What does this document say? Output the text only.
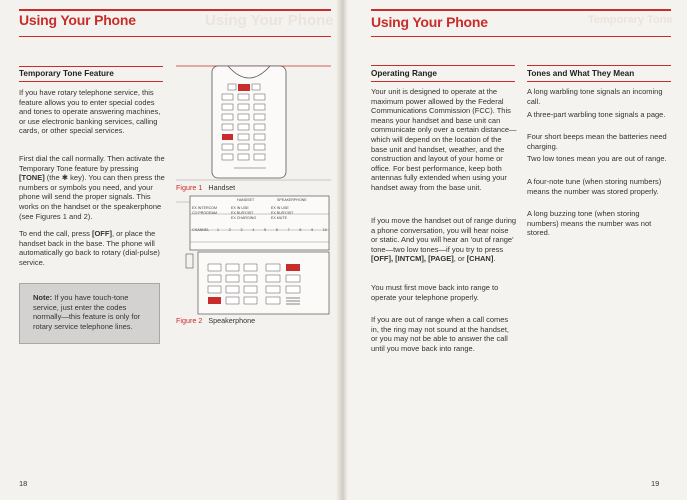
Using Your Phone	Using Your Phone
Temporary Tone Feature
If you have rotary telephone service, this feature allows you to enter special codes and tones to operate answering machines, or use electronic banking services, calling cards, or other special services.
First dial the call normally. Then activate the Temporary Tone feature by pressing [TONE] (the ✱ key). You can then press the numbers or symbols you need, and your phone will send the proper signals. This works on the handset or the speakerphone (see Figures 1 and 2).
To end the call, press [OFF], or place the handset back in the base. The phone will automatically go back to rotary (dial-pulse) service.
Note: If you have touch-tone service, just enter the codes normally—this feature is only for rotary service telephone lines.
Figure 1 Handset
HANDSET	SPEAKERPHONE
EX INTERCOM	EX IN USE	EX IN USE
CO PROGRAM	EX BUSY/IDT	EX BUSY/IDT
EX CHARGING	EX MUTE
CHANNEL 1	2	3	4	5	6	7	8	9	10
Figure 2 Speakerphone
18
Using Your Phone	Temporary Tone
Operating Range
Your unit is designed to operate at the maximum power allowed by the Federal Communications Commission (FCC). This means your handset and base unit can communicate only over a certain distance—which will depend on the location of the base unit and handset, weather, and the construction and layout of your home or office. For best performance, keep both antennas fully extended when using your handset away from the base unit.
If you move the handset out of range during a phone conversation, you will hear noise or static. And you will hear an 'out of range' tone—two low tones—if you try to press [OFF], [INTCM], [PAGE], or [CHAN].
You must first move back into range to operate your telephone properly.
If you are out of range when a call comes in, the ring may not sound at the handset, or you may not be able to answer the call until you move back into range.
Tones and What They Mean
A long warbling tone signals an incoming call.
A three-part warbling tone signals a page.
Four short beeps mean the batteries need charging.
Two low tones mean you are out of range.
A four-note tune (when storing numbers) means the number was stored properly.
A long buzzing tone (when storing numbers) means the number was not stored.
19
